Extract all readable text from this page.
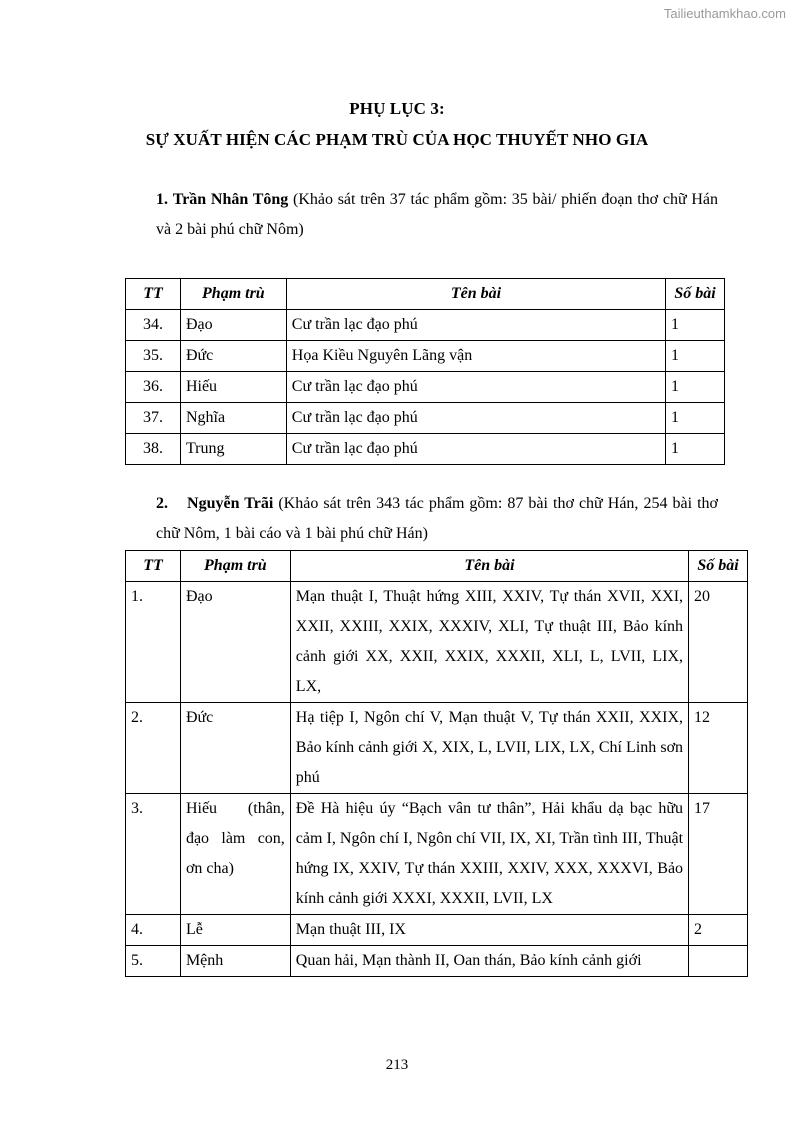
Tailieuthamkhao.com
PHỤ LỤC 3:
SỰ XUẤT HIỆN CÁC PHẠM TRÙ CỦA HỌC THUYẾT NHO GIA
1. Trần Nhân Tông (Khảo sát trên 37 tác phẩm gồm: 35 bài/ phiến đoạn thơ chữ Hán và 2 bài phú chữ Nôm)
TT	Phạm trù	Tên bài	Số bài
34.	Đạo	Cư trần lạc đạo phú	1
35.	Đức	Họa Kiều Nguyên Lãng vận	1
36.	Hiếu	Cư trần lạc đạo phú	1
37.	Nghĩa	Cư trần lạc đạo phú	1
38.	Trung	Cư trần lạc đạo phú	1
2. Nguyễn Trãi (Khảo sát trên 343 tác phẩm gồm: 87 bài thơ chữ Hán, 254 bài thơ chữ Nôm, 1 bài cáo và 1 bài phú chữ Hán)
TT	Phạm trù	Tên bài	Số bài
1.	Đạo	Mạn thuật I, Thuật hứng XIII, XXIV, Tự thán XVII, XXI, XXII, XXIII, XXIX, XXXIV, XLI, Tự thuật III, Bảo kính cảnh giới XX, XXII, XXIX, XXXII, XLI, L, LVII, LIX, LX,	20
2.	Đức	Hạ tiệp I, Ngôn chí V, Mạn thuật V, Tự thán XXII, XXIX, Bảo kính cảnh giới X, XIX, L, LVII, LIX, LX, Chí Linh sơn phú	12
3.	Hiếu (thân, đạo làm con, ơn cha)	Đề Hà hiệu úy “Bạch vân tư thân”, Hải khẩu dạ bạc hữu cảm I, Ngôn chí I, Ngôn chí VII, IX, XI, Trần tình III, Thuật hứng IX, XXIV, Tự thán XXIII, XXIV, XXX, XXXVI, Bảo kính cảnh giới XXXI, XXXII, LVII, LX	17
4.	Lễ	Mạn thuật III, IX	2
5.	Mệnh	Quan hải, Mạn thành II, Oan thán, Bảo kính cảnh giới	
213
